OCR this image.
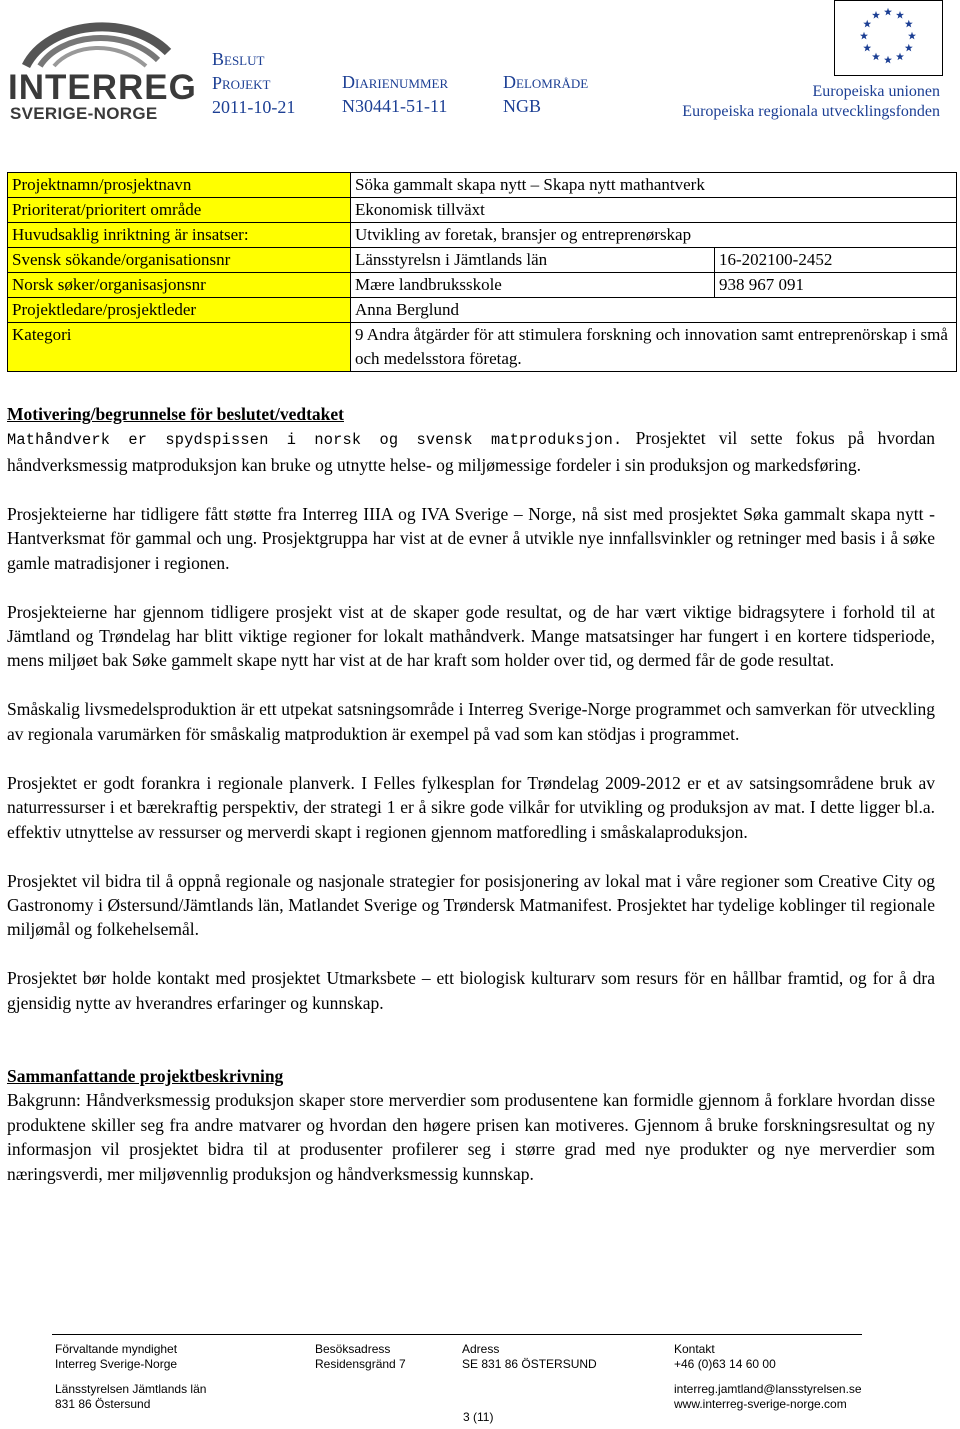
INTERREG
SVERIGE-NORGE
Beslut
Projekt
2011-10-21
Diarienummer
N30441-51-11
Delområde
NGB
Europeiska unionen
Europeiska regionala utvecklingsfonden
Projektnamn/prosjektnavn	Söka gammalt skapa nytt – Skapa nytt mathantverk	
Prioriterat/prioritert område	Ekonomisk tillväxt	
Huvudsaklig inriktning är insatser:	Utvikling av foretak, bransjer og entreprenørskap	
Svensk sökande/organisationsnr	Länsstyrelsn i Jämtlands län	16-202100-2452
Norsk søker/organisasjonsnr	Mære landbruksskole	938 967 091
Projektledare/prosjektleder	Anna Berglund	
Kategori	9 Andra åtgärder för att stimulera forskning och innovation samt entreprenörskap i små och medelsstora företag.	
Motivering/begrunnelse för beslutet/vedtaket

Mathåndverk er spydspissen i norsk og svensk matproduksjon. Prosjektet vil sette fokus på hvordan håndverksmessig matproduksjon kan bruke og utnytte helse- og miljømessige fordeler i sin produksjon og markedsføring.

Prosjekteierne har tidligere fått støtte fra Interreg IIIA og IVA Sverige – Norge, nå sist med prosjektet Søka gammalt skapa nytt - Hantverksmat för gammal och ung. Prosjektgruppa har vist at de evner å utvikle nye innfallsvinkler og retninger med basis i å søke gamle matradisjoner i regionen.

Prosjekteierne har gjennom tidligere prosjekt vist at de skaper gode resultat, og de har vært viktige bidragsytere i forhold til at Jämtland og Trøndelag har blitt viktige regioner for lokalt mathåndverk. Mange matsatsinger har fungert i en kortere tidsperiode, mens miljøet bak Søke gammelt skape nytt har vist at de har kraft som holder over tid, og dermed får de gode resultat.

Småskalig livsmedelsproduktion är ett utpekat satsningsområde i Interreg Sverige-Norge programmet och samverkan för utveckling av regionala varumärken för småskalig matproduktion är exempel på vad som kan stödjas i programmet.

Prosjektet er godt forankra i regionale planverk. I Felles fylkesplan for Trøndelag 2009-2012 er et av satsingsområdene bruk av naturressurser i et bærekraftig perspektiv, der strategi 1 er å sikre gode vilkår for utvikling og produksjon av mat. I dette ligger bl.a. effektiv utnyttelse av ressurser og merverdi skapt i regionen gjennom matforedling i småskalaproduksjon.

Prosjektet vil bidra til å oppnå regionale og nasjonale strategier for posisjonering av lokal mat i våre regioner som Creative City og Gastronomy i Østersund/Jämtlands län, Matlandet Sverige og Trøndersk Matmanifest. Prosjektet har tydelige koblinger til regionale miljømål og folkehelsemål.

Prosjektet bør holde kontakt med prosjektet Utmarksbete – ett biologisk kulturarv som resurs för en hållbar framtid, og for å dra gjensidig nytte av hverandres erfaringer og kunnskap.

Sammanfattande projektbeskrivning

Bakgrunn: Håndverksmessig produksjon skaper store merverdier som produsentene kan formidle gjennom å forklare hvordan disse produktene skiller seg fra andre matvarer og hvordan den høgere prisen kan motiveres. Gjennom å bruke forskningsresultat og ny informasjon vil prosjektet bidra til at produsenter profilerer seg i større grad med nye produkter og nye merverdier som næringsverdi, mer miljøvennlig produksjon og håndverksmessig kunnskap.

Förvaltande myndighet
Interreg Sverige-Norge
Länsstyrelsen Jämtlands län
831 86 Östersund
Besöksadress
Residensgränd 7
Adress
SE 831 86 ÖSTERSUND
Kontakt
+46 (0)63 14 60 00
interreg.jamtland@lansstyrelsen.se
www.interreg-sverige-norge.com
3 (11)
